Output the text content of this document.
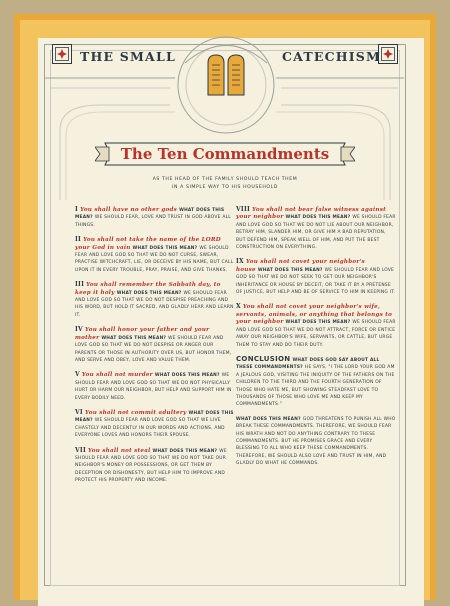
THE SMALL	CATECHISM
The Ten Commandments
AS THE HEAD OF THE FAMILY SHOULD TEACH THEM
IN A SIMPLE WAY TO HIS HOUSEHOLD

I You shall have no other gods WHAT DOES THIS MEAN? WE SHOULD FEAR, LOVE AND TRUST IN GOD ABOVE ALL THINGS.

II You shall not take the name of the LORD your God in vain WHAT DOES THIS MEAN? WE SHOULD FEAR AND LOVE GOD SO THAT WE DO NOT CURSE, SWEAR, PRACTISE WITCHCRAFT, LIE, OR DECEIVE BY HIS NAME, BUT CALL UPON IT IN EVERY TROUBLE, PRAY, PRAISE, AND GIVE THANKS.

III You shall remember the Sabbath day, to keep it holy WHAT DOES THIS MEAN? WE SHOULD FEAR AND LOVE GOD SO THAT WE DO NOT DESPISE PREACHING AND HIS WORD, BUT HOLD IT SACRED, AND GLADLY HEAR AND LEARN IT.

IV You shall honor your father and your mother WHAT DOES THIS MEAN? WE SHOULD FEAR AND LOVE GOD SO THAT WE DO NOT DESPISE OR ANGER OUR PARENTS OR THOSE IN AUTHORITY OVER US, BUT HONOR THEM, AND SERVE AND OBEY, LOVE AND VALUE THEM.

V You shall not murder WHAT DOES THIS MEAN? WE SHOULD FEAR AND LOVE GOD SO THAT WE DO NOT PHYSICALLY HURT OR HARM OUR NEIGHBOR, BUT HELP AND SUPPORT HIM IN EVERY BODILY NEED.

VI You shall not commit adultery WHAT DOES THIS MEAN? WE SHOULD FEAR AND LOVE GOD SO THAT WE LIVE CHASTELY AND DECENTLY IN OUR WORDS AND ACTIONS, AND EVERYONE LOVES AND HONORS THEIR SPOUSE.

VII You shall not steal WHAT DOES THIS MEAN? WE SHOULD FEAR AND LOVE GOD SO THAT WE DO NOT TAKE OUR NEIGHBOR'S MONEY OR POSSESSIONS, OR GET THEM BY DECEPTION OR DISHONESTY, BUT HELP HIM TO IMPROVE AND PROTECT HIS PROPERTY AND INCOME.

VIII You shall not bear false witness against your neighbor WHAT DOES THIS MEAN? WE SHOULD FEAR AND LOVE GOD SO THAT WE DO NOT LIE ABOUT OUR NEIGHBOR, BETRAY HIM, SLANDER HIM, OR GIVE HIM A BAD REPUTATION, BUT DEFEND HIM, SPEAK WELL OF HIM, AND PUT THE BEST CONSTRUCTION ON EVERYTHING.

IX You shall not covet your neighbor's house WHAT DOES THIS MEAN? WE SHOULD FEAR AND LOVE GOD SO THAT WE DO NOT SEEK TO GET OUR NEIGHBOR'S INHERITANCE OR HOUSE BY DECEIT, OR TAKE IT BY A PRETENSE OF JUSTICE, BUT HELP AND BE OF SERVICE TO HIM IN KEEPING IT.

X You shall not covet your neighbor's wife, servants, animals, or anything that belongs to your neighbor WHAT DOES THIS MEAN? WE SHOULD FEAR AND LOVE GOD SO THAT WE DO NOT ATTRACT, FORCE OR ENTICE AWAY OUR NEIGHBOR'S WIFE, SERVANTS, OR CATTLE, BUT URGE THEM TO STAY AND DO THEIR DUTY.

CONCLUSION WHAT DOES GOD SAY ABOUT ALL THESE COMMANDMENTS? HE SAYS, "I THE LORD YOUR GOD AM A JEALOUS GOD, VISITING THE INIQUITY OF THE FATHERS ON THE CHILDREN TO THE THIRD AND THE FOURTH GENERATION OF THOSE WHO HATE ME, BUT SHOWING STEADFAST LOVE TO THOUSANDS OF THOSE WHO LOVE ME AND KEEP MY COMMANDMENTS."

WHAT DOES THIS MEAN? GOD THREATENS TO PUNISH ALL WHO BREAK THESE COMMANDMENTS. THEREFORE, WE SHOULD FEAR HIS WRATH AND NOT DO ANYTHING CONTRARY TO THESE COMMANDMENTS. BUT HE PROMISES GRACE AND EVERY BLESSING TO ALL WHO KEEP THESE COMMANDMENTS. THEREFORE, WE SHOULD ALSO LOVE AND TRUST IN HIM, AND GLADLY DO WHAT HE COMMANDS.
